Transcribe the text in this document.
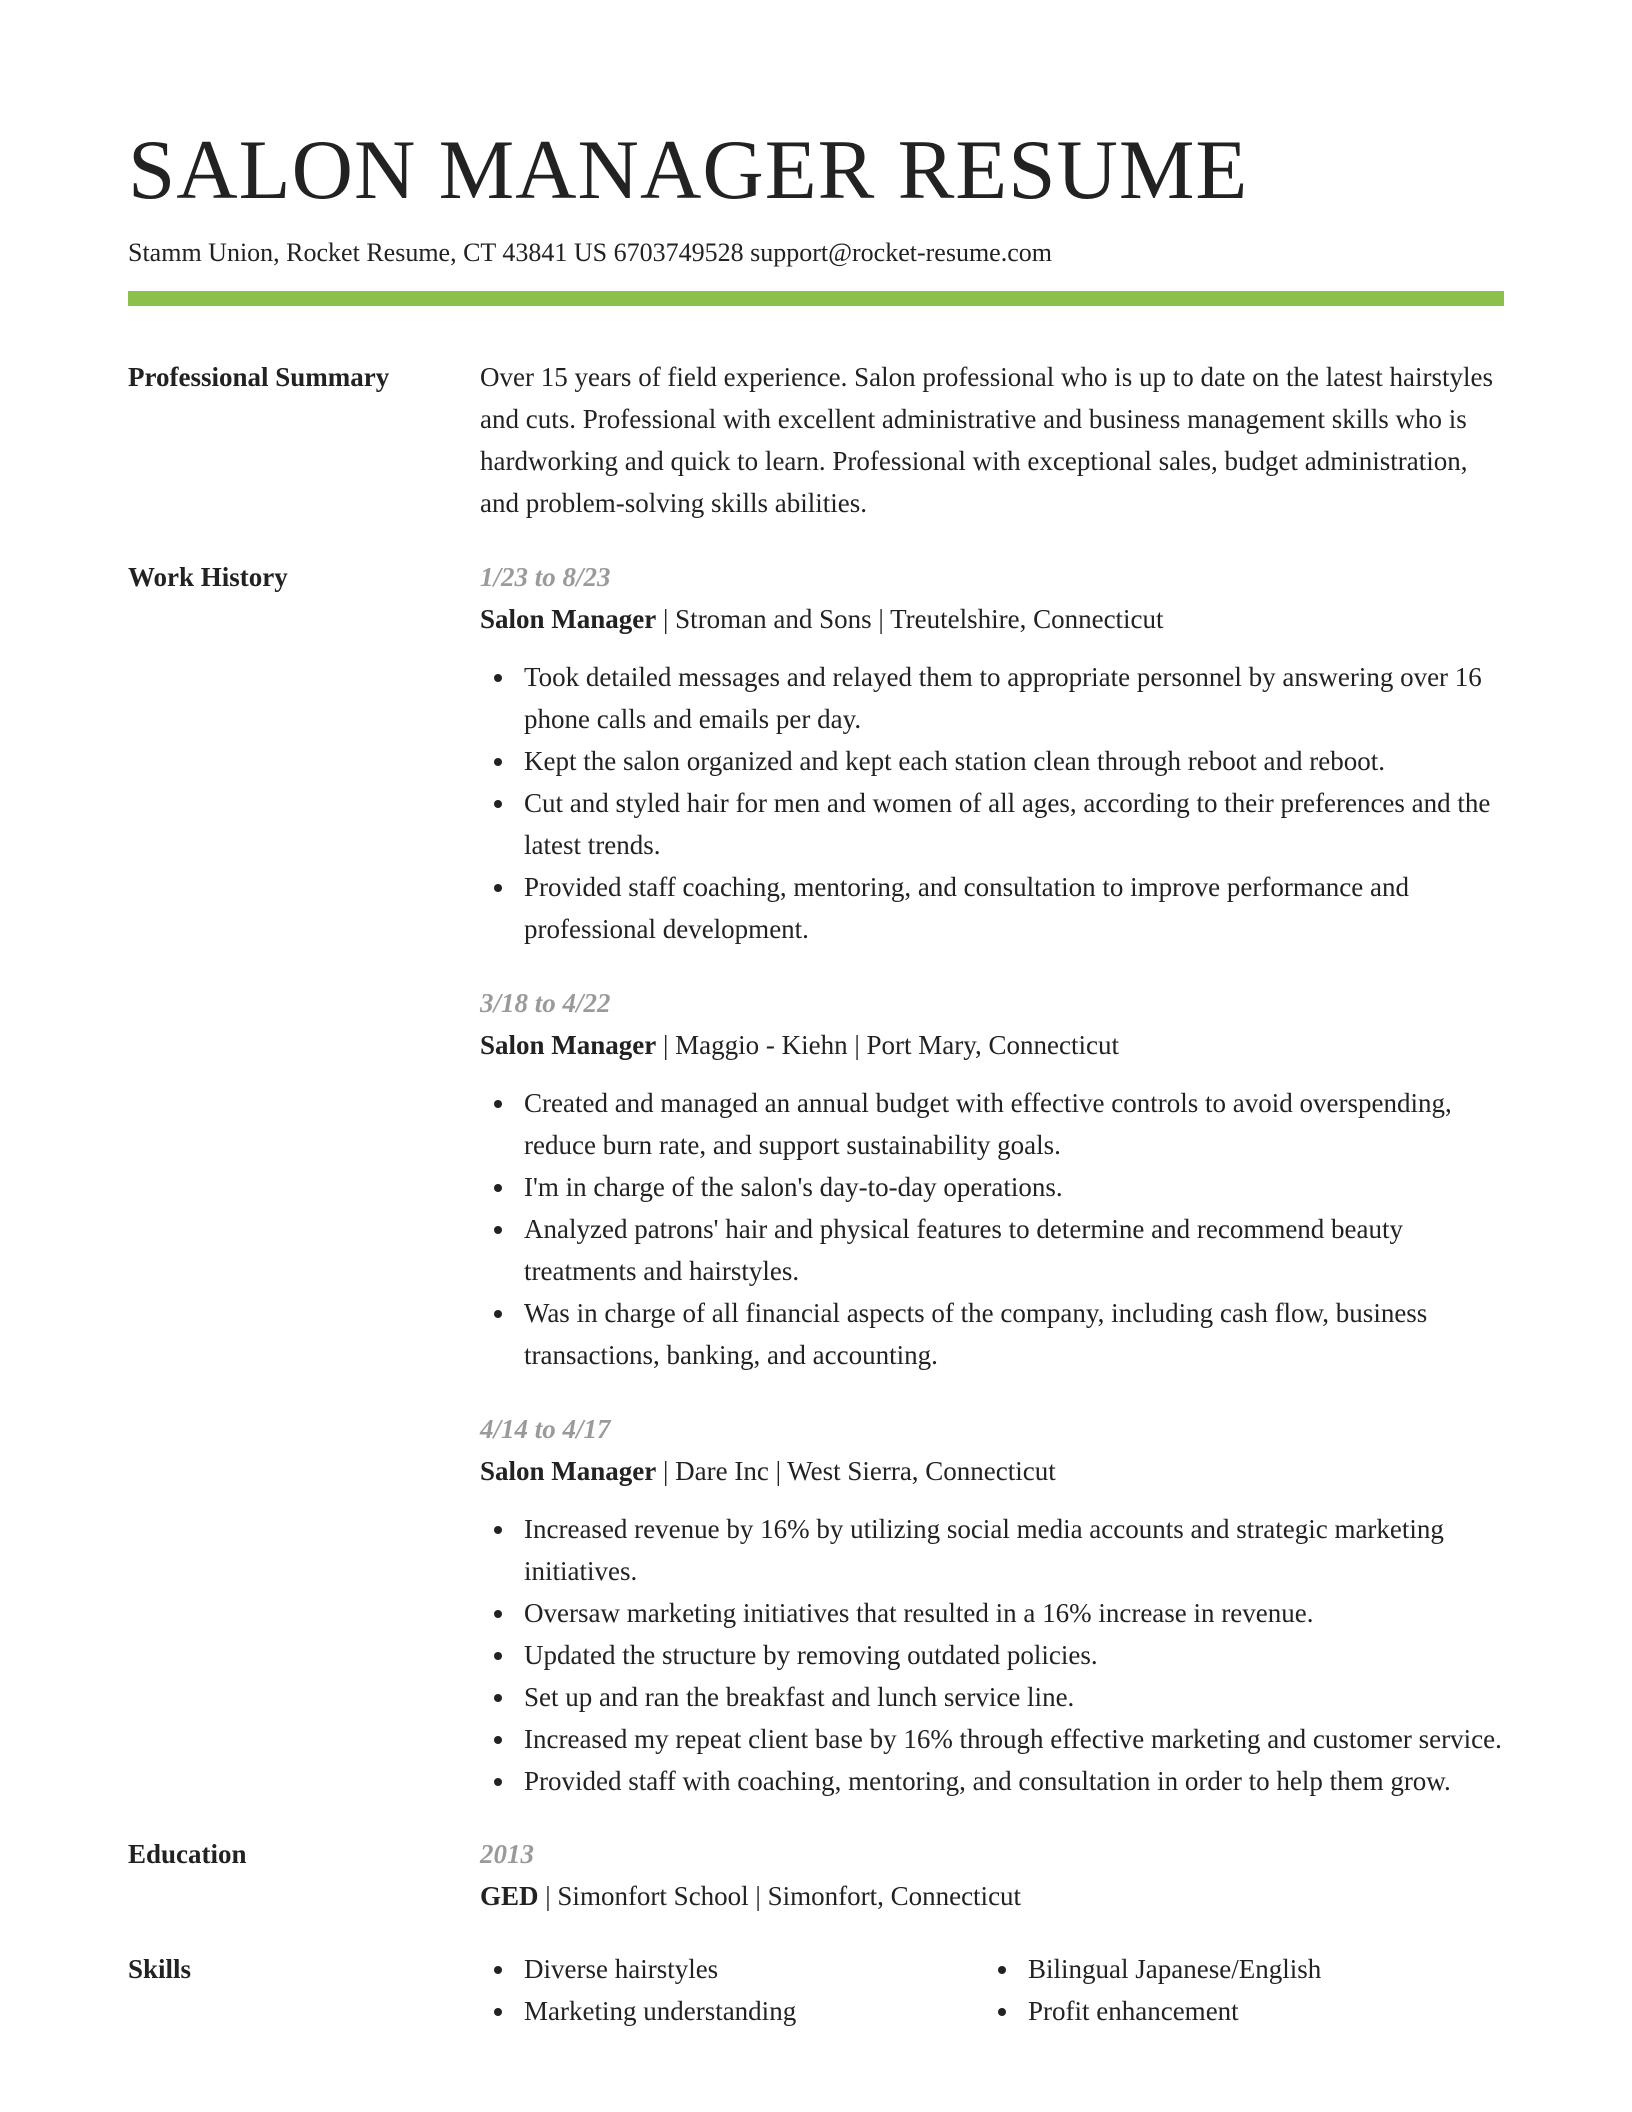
SALON MANAGER RESUME
Stamm Union, Rocket Resume, CT 43841 US 6703749528 support@rocket-resume.com
Professional Summary	Over 15 years of field experience. Salon professional who is up to date on the latest hairstyles and cuts. Professional with excellent administrative and business management skills who is hardworking and quick to learn. Professional with exceptional sales, budget administration, and problem-solving skills abilities.
Work History	1/23 to 8/23
Salon Manager | Stroman and Sons | Treutelshire, Connecticut
Took detailed messages and relayed them to appropriate personnel by answering over 16 phone calls and emails per day.
Kept the salon organized and kept each station clean through reboot and reboot.
Cut and styled hair for men and women of all ages, according to their preferences and the latest trends.
Provided staff coaching, mentoring, and consultation to improve performance and professional development.
3/18 to 4/22
Salon Manager | Maggio - Kiehn | Port Mary, Connecticut
Created and managed an annual budget with effective controls to avoid overspending, reduce burn rate, and support sustainability goals.
I'm in charge of the salon's day-to-day operations.
Analyzed patrons' hair and physical features to determine and recommend beauty treatments and hairstyles.
Was in charge of all financial aspects of the company, including cash flow, business transactions, banking, and accounting.
4/14 to 4/17
Salon Manager | Dare Inc | West Sierra, Connecticut
Increased revenue by 16% by utilizing social media accounts and strategic marketing initiatives.
Oversaw marketing initiatives that resulted in a 16% increase in revenue.
Updated the structure by removing outdated policies.
Set up and ran the breakfast and lunch service line.
Increased my repeat client base by 16% through effective marketing and customer service.
Provided staff with coaching, mentoring, and consultation in order to help them grow.
Education	2013
GED | Simonfort School | Simonfort, Connecticut
Skills	Diverse hairstyles
Marketing understanding
Bilingual Japanese/English
Profit enhancement
